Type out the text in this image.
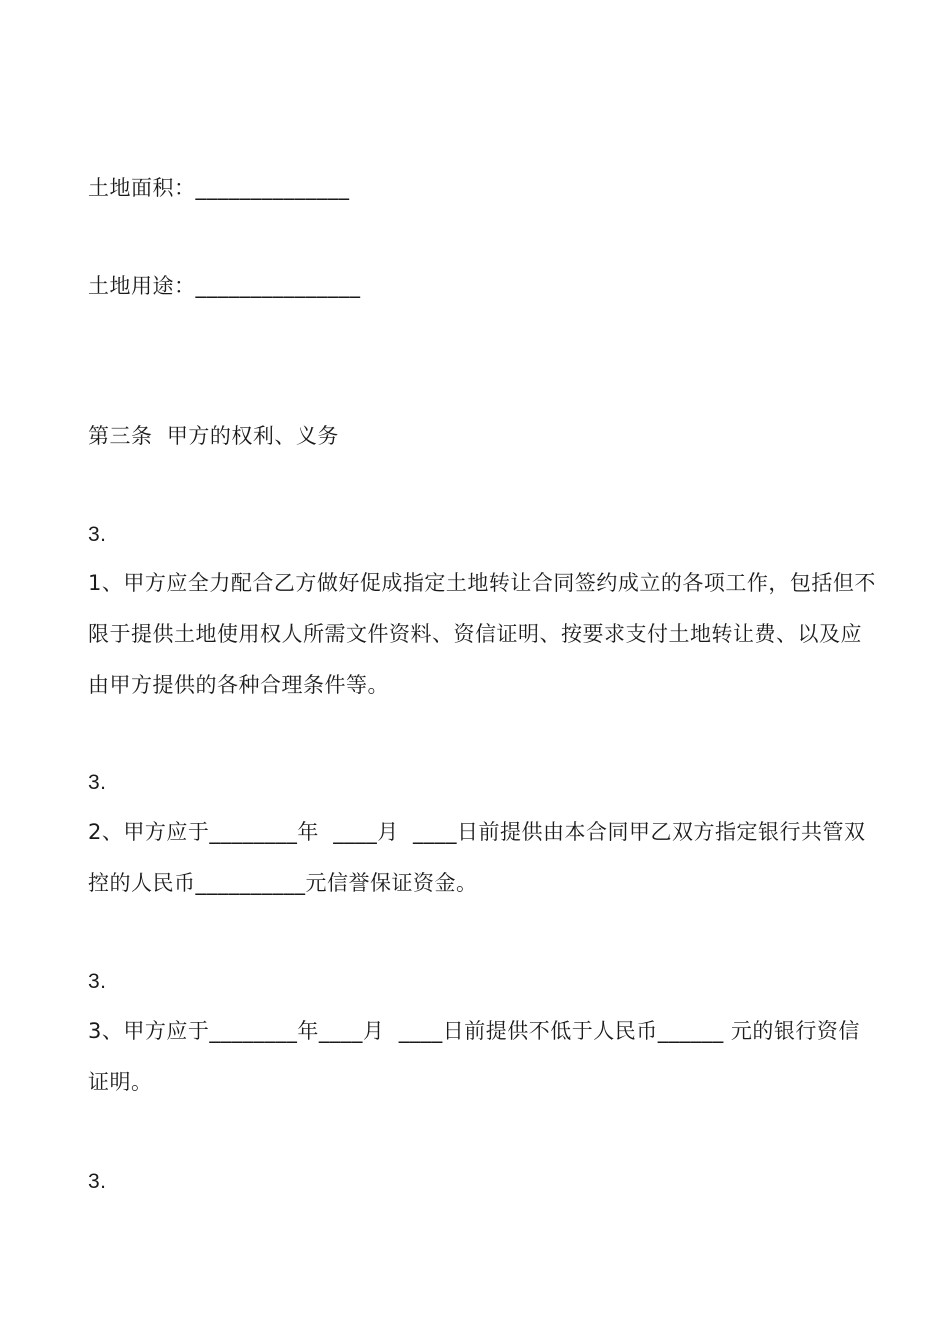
土地面积：______________
土地用途：_______________
第三条  甲方的权利、义务
3.
1、甲方应全力配合乙方做好促成指定土地转让合同签约成立的各项工作，包括但不限于提供土地使用权人所需文件资料、资信证明、按要求支付土地转让费、以及应由甲方提供的各种合理条件等。
3.
2、甲方应于________年  ____月  ____日前提供由本合同甲乙双方指定银行共管双控的人民币__________元信誉保证资金。
3.
3、甲方应于________年____月  ____日前提供不低于人民币______ 元的银行资信证明。
3.
